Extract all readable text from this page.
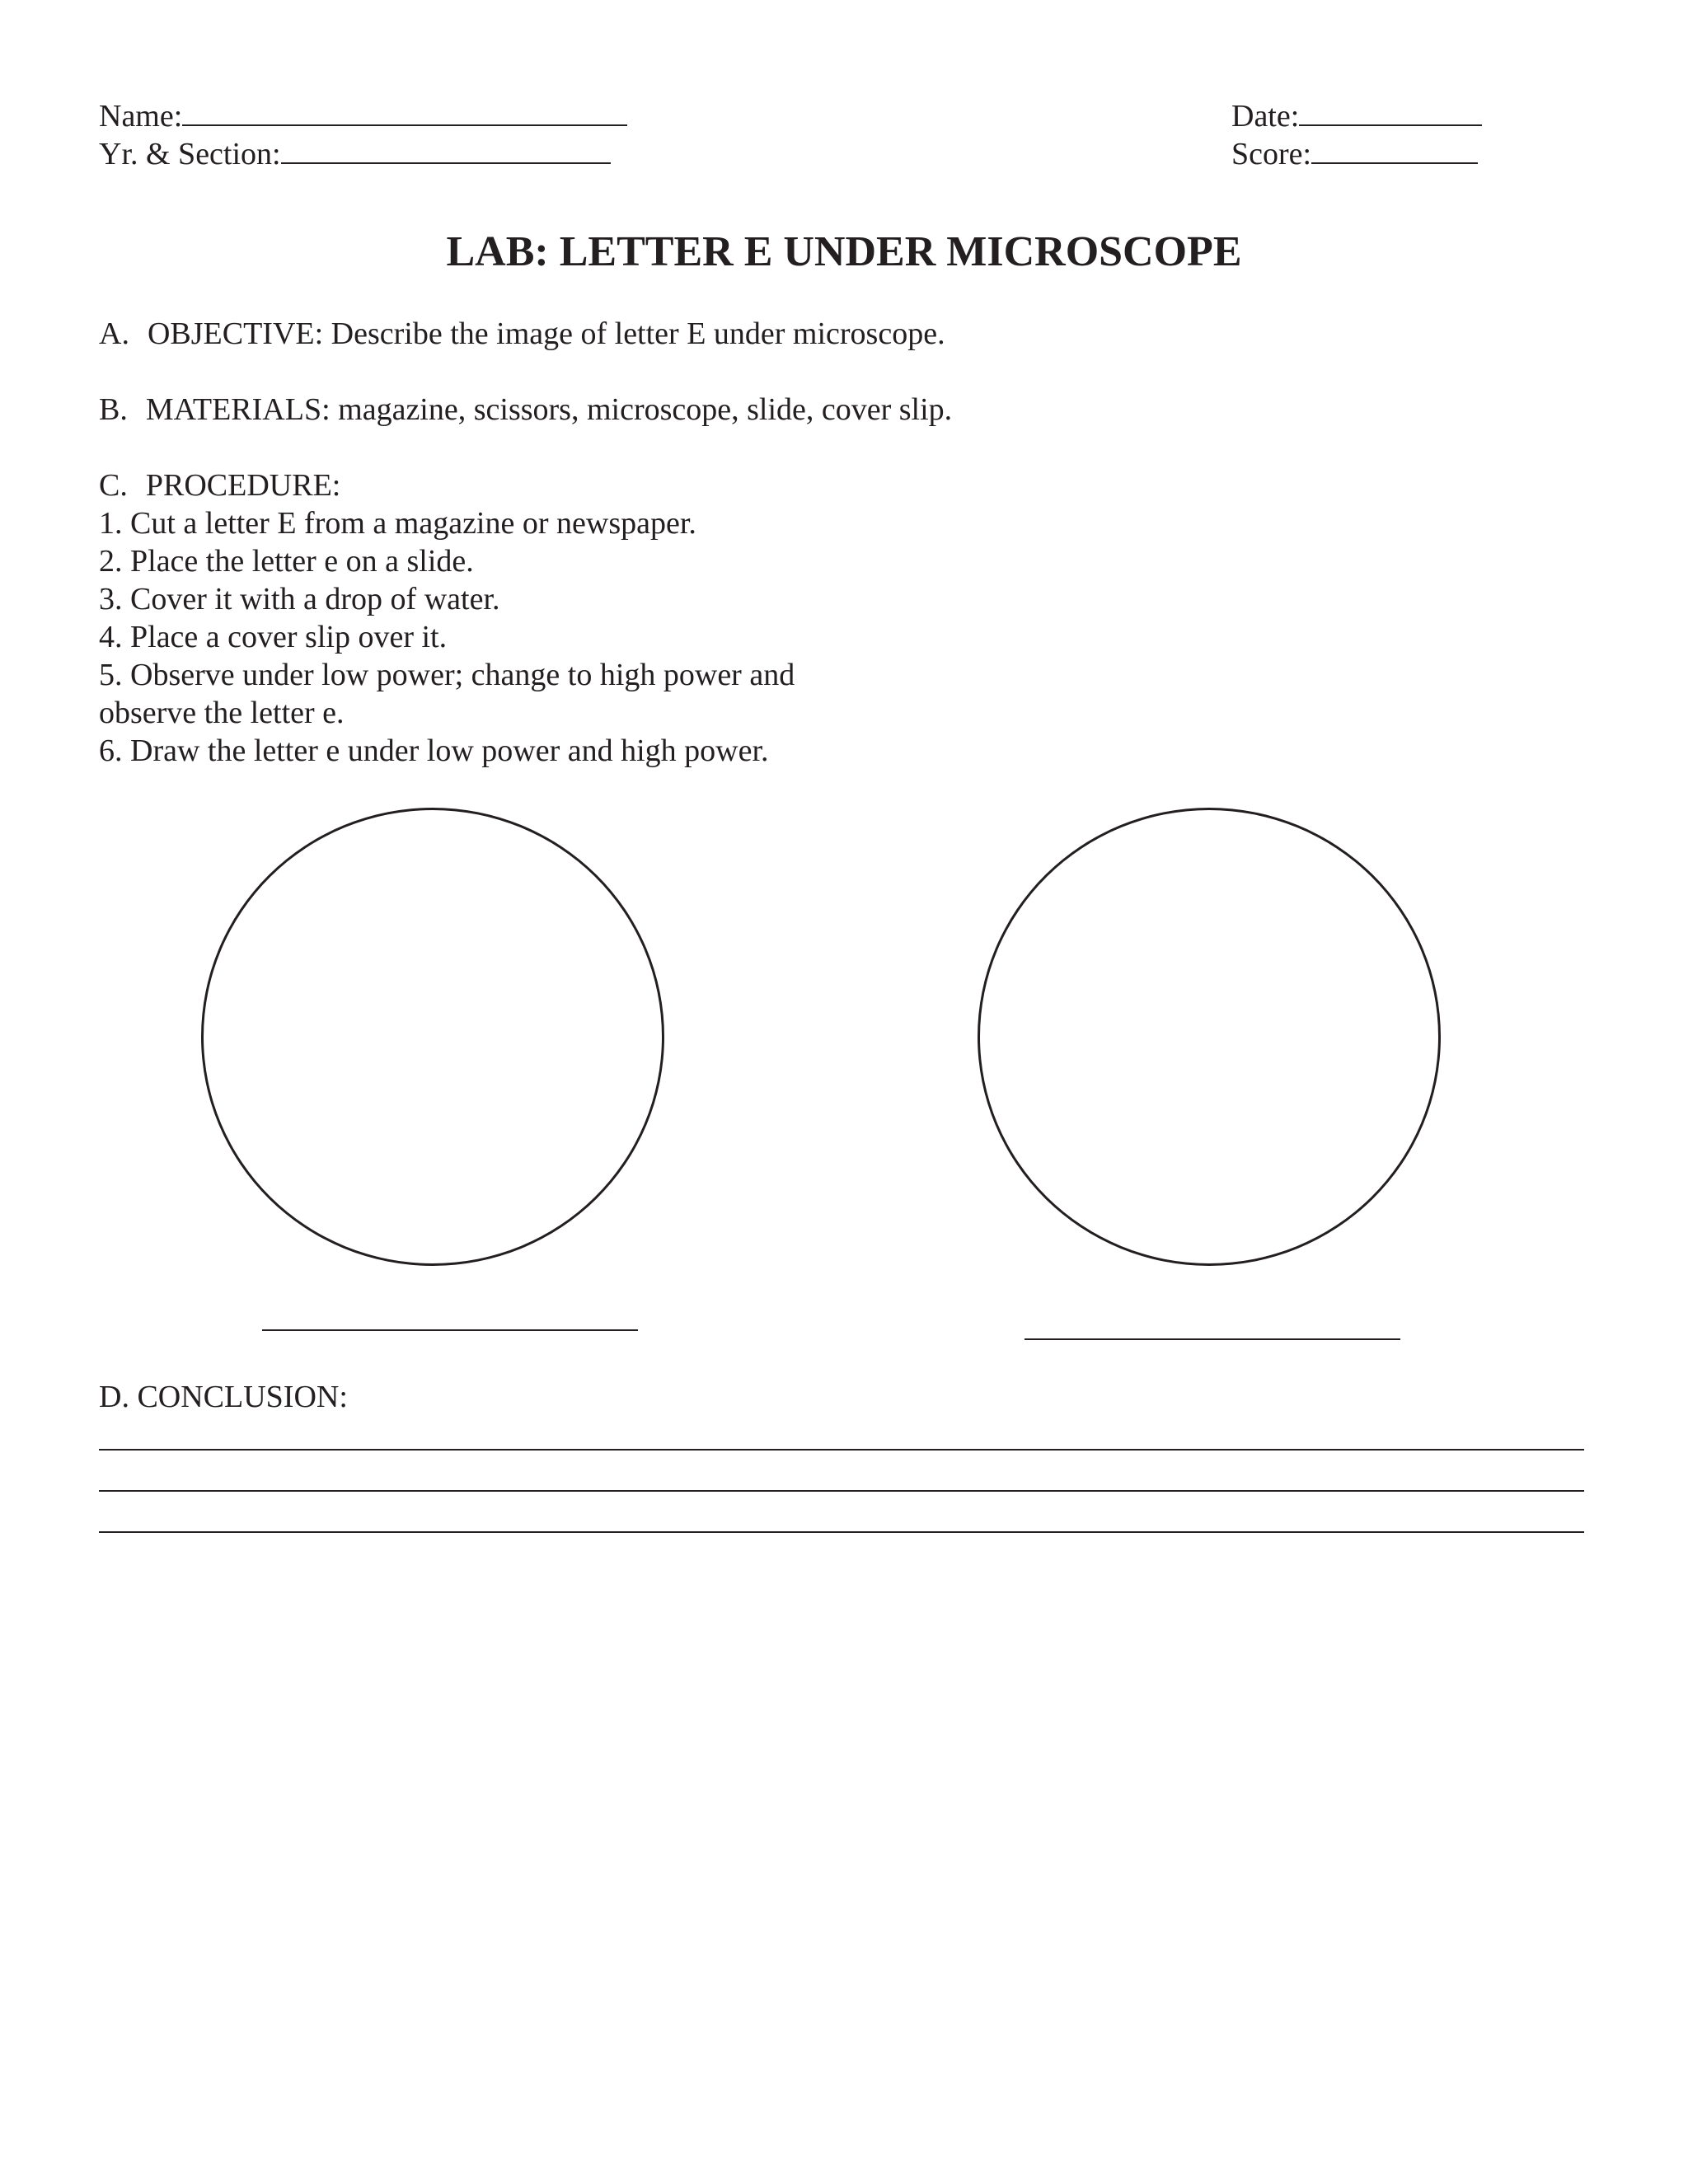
Name:
Yr. & Section:
Date:
Score:
LAB: LETTER E UNDER MICROSCOPE
A. OBJECTIVE: Describe the image of letter E under microscope.
B. MATERIALS: magazine, scissors, microscope, slide, cover slip.
C. PROCEDURE:
1. Cut a letter E from a magazine or newspaper.
2. Place the letter e on a slide.
3. Cover it with a drop of water.
4. Place a cover slip over it.
5. Observe under low power; change to high power and
observe the letter e.
6. Draw the letter e under low power and high power.
D. CONCLUSION:
